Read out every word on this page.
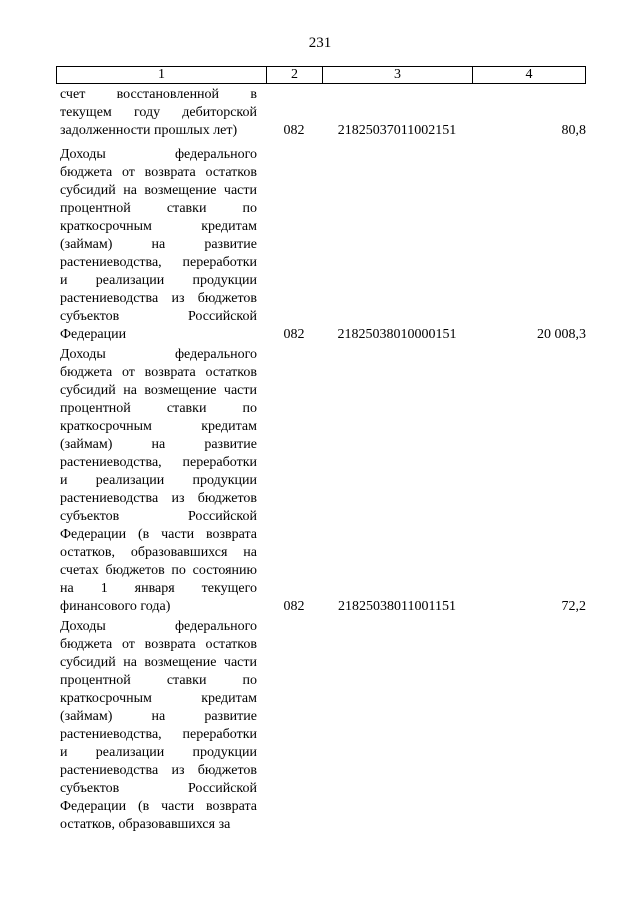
231
1	2	3	4
счет восстановленной в
текущем году дебиторской
задолженности прошлых лет)	082	21825037011002151	80,8
Доходы федерального
бюджета от возврата остатков
субсидий на возмещение части
процентной ставки по
краткосрочным кредитам
(займам) на развитие
растениеводства, переработки
и реализации продукции
растениеводства из бюджетов
субъектов Российской
Федерации	082	21825038010000151	20 008,3
Доходы федерального
бюджета от возврата остатков
субсидий на возмещение части
процентной ставки по
краткосрочным кредитам
(займам) на развитие
растениеводства, переработки
и реализации продукции
растениеводства из бюджетов
субъектов Российской
Федерации (в части возврата
остатков, образовавшихся на
счетах бюджетов по состоянию
на 1 января текущего
финансового года)	082	21825038011001151	72,2
Доходы федерального
бюджета от возврата остатков
субсидий на возмещение части
процентной ставки по
краткосрочным кредитам
(займам) на развитие
растениеводства, переработки
и реализации продукции
растениеводства из бюджетов
субъектов Российской
Федерации (в части возврата
остатков, образовавшихся за
